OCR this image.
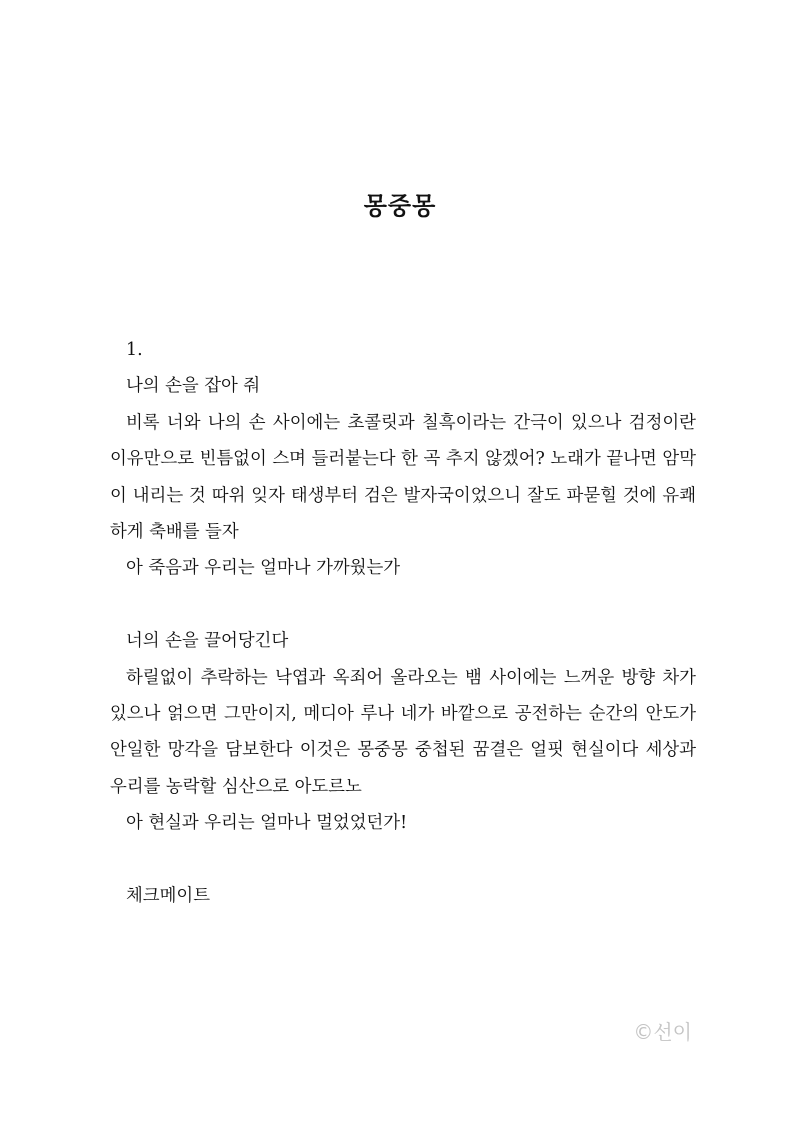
몽중몽

1.

나의 손을 잡아 줘

비록 너와 나의 손 사이에는 초콜릿과 칠흑이라는 간극이 있으나 검정이란 이유만으로 빈틈없이 스며 들러붙는다 한 곡 추지 않겠어? 노래가 끝나면 암막이 내리는 것 따위 잊자 태생부터 검은 발자국이었으니 잘도 파묻힐 것에 유쾌하게 축배를 들자

아 죽음과 우리는 얼마나 가까웠는가

너의 손을 끌어당긴다

하릴없이 추락하는 낙엽과 옥죄어 올라오는 뱀 사이에는 느꺼운 방향 차가 있으나 얽으면 그만이지, 메디아 루나 네가 바깥으로 공전하는 순간의 안도가 안일한 망각을 담보한다 이것은 몽중몽 중첩된 꿈결은 얼핏 현실이다 세상과 우리를 농락할 심산으로 아도르노

아 현실과 우리는 얼마나 멀었었던가!

체크메이트

©선이
